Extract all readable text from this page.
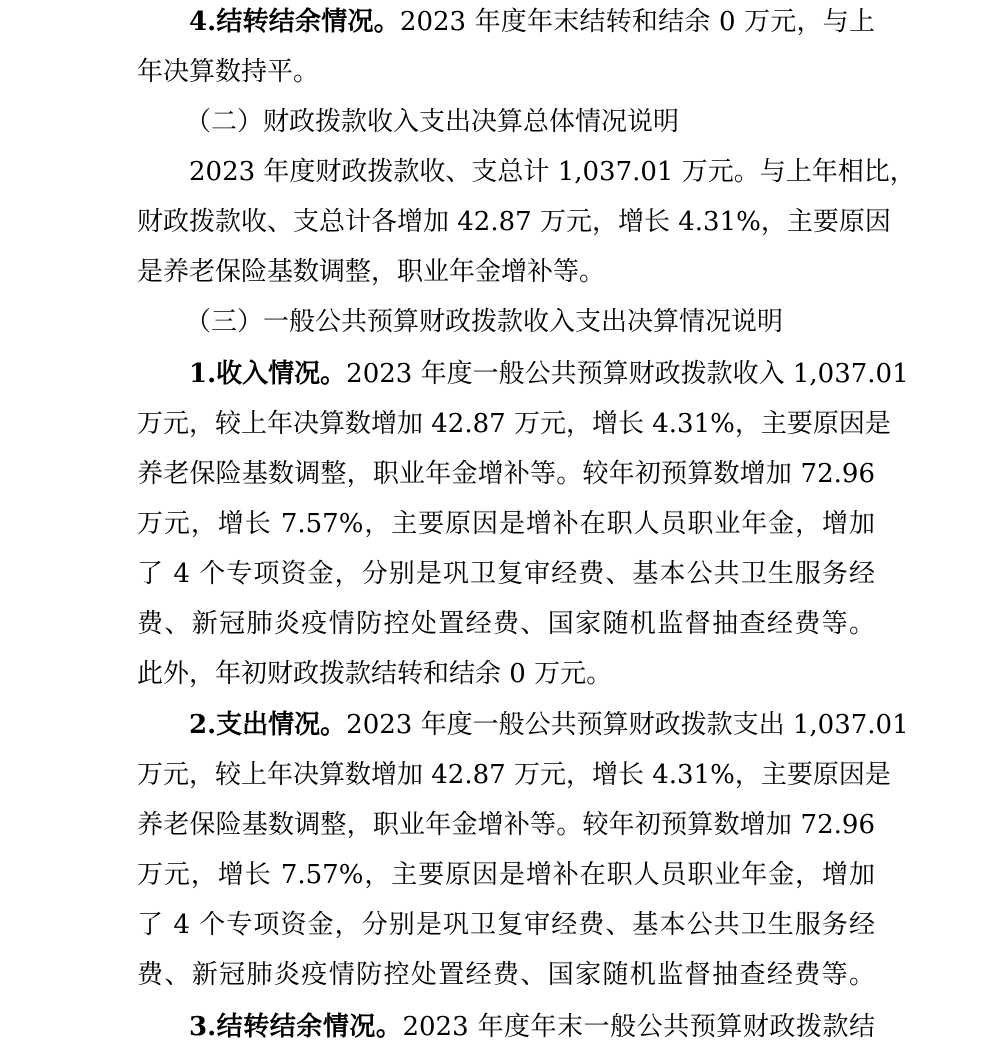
4.结转结余情况。2023 年度年末结转和结余 0 万元，与上
年决算数持平。
（二）财政拨款收入支出决算总体情况说明
2023 年度财政拨款收、支总计 1,037.01 万元。与上年相比，
财政拨款收、支总计各增加 42.87 万元，增长 4.31%，主要原因
是养老保险基数调整，职业年金增补等。
（三）一般公共预算财政拨款收入支出决算情况说明
1.收入情况。2023 年度一般公共预算财政拨款收入 1,037.01
万元，较上年决算数增加 42.87 万元，增长 4.31%，主要原因是
养老保险基数调整，职业年金增补等。较年初预算数增加 72.96
万元，增长 7.57%，主要原因是增补在职人员职业年金，增加
了 4 个专项资金，分别是巩卫复审经费、基本公共卫生服务经
费、新冠肺炎疫情防控处置经费、国家随机监督抽查经费等。
此外，年初财政拨款结转和结余 0 万元。
2.支出情况。2023 年度一般公共预算财政拨款支出 1,037.01
万元，较上年决算数增加 42.87 万元，增长 4.31%，主要原因是
养老保险基数调整，职业年金增补等。较年初预算数增加 72.96
万元，增长 7.57%，主要原因是增补在职人员职业年金，增加
了 4 个专项资金，分别是巩卫复审经费、基本公共卫生服务经
费、新冠肺炎疫情防控处置经费、国家随机监督抽查经费等。
3.结转结余情况。2023 年度年末一般公共预算财政拨款结
